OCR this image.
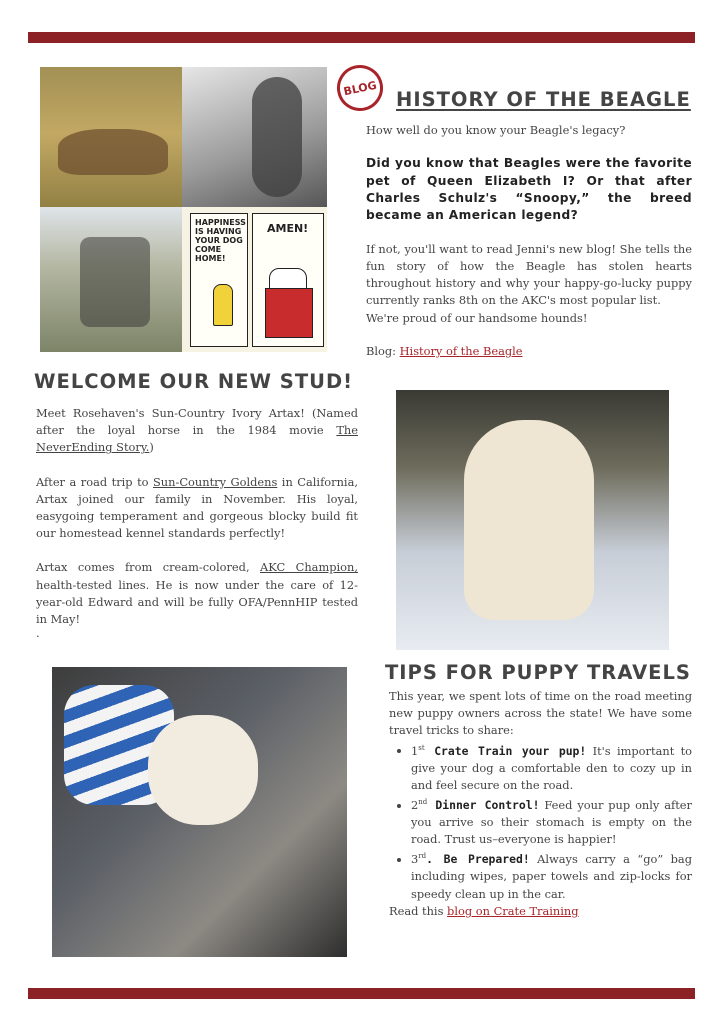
HAPPINESS IS HAVING YOUR DOG COME HOME!
AMEN!
BLOG HISTORY OF THE BEAGLE

How well do you know your Beagle's legacy?

Did you know that Beagles were the favorite pet of Queen Elizabeth I? Or that after Charles Schulz's “Snoopy,” the breed became an American legend?

If not, you'll want to read Jenni's new blog! She tells the fun story of how the Beagle has stolen hearts throughout history and why your happy-go-lucky puppy currently ranks 8th on the AKC's most popular list.

We're proud of our handsome hounds!

Blog: History of the Beagle

WELCOME OUR NEW STUD!

Meet Rosehaven's Sun-Country Ivory Artax! (Named after the loyal horse in the 1984 movie The NeverEnding Story.)

After a road trip to Sun-Country Goldens in California, Artax joined our family in November. His loyal, easygoing temperament and gorgeous blocky build fit our homestead kennel standards perfectly!

Artax comes from cream-colored, AKC Champion, health-tested lines. He is now under the care of 12-year-old Edward and will be fully OFA/PennHIP tested in May!

.

TIPS FOR PUPPY TRAVELS

This year, we spent lots of time on the road meeting new puppy owners across the state! We have some travel tricks to share:

• 1st Crate Train your pup! It's important to give your dog a comfortable den to cozy up in and feel secure on the road.
• 2nd Dinner Control! Feed your pup only after you arrive so their stomach is empty on the road. Trust us–everyone is happier!
• 3rd. Be Prepared! Always carry a “go” bag including wipes, paper towels and zip-locks for speedy clean up in the car.

Read this blog on Crate Training
